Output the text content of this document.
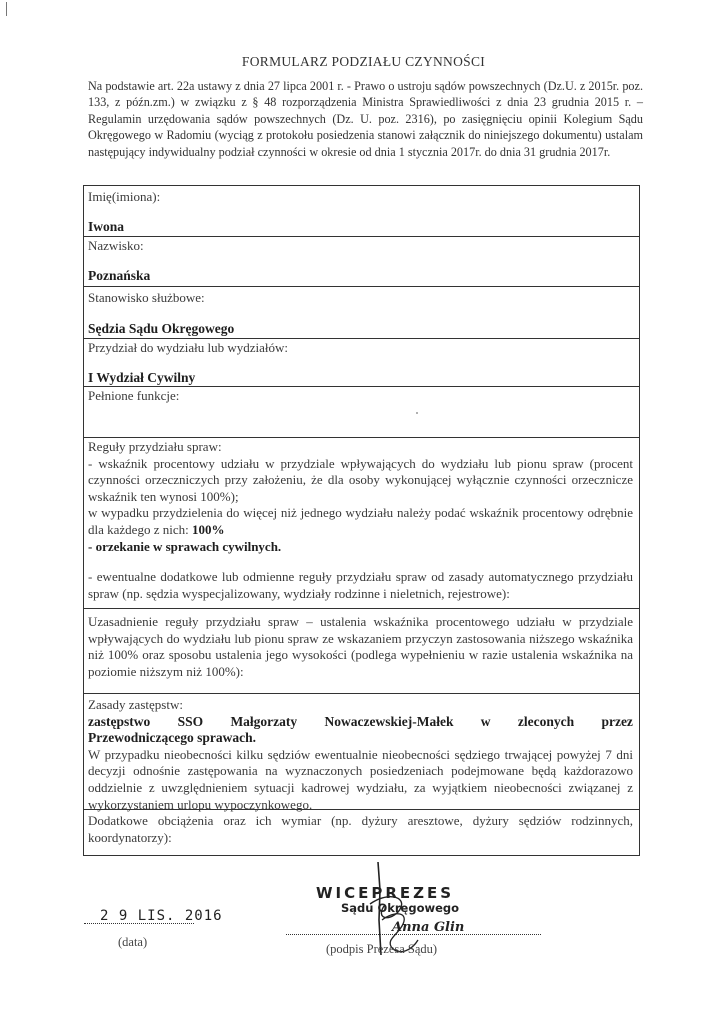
FORMULARZ PODZIAŁU CZYNNOŚCI
Na podstawie art. 22a ustawy z dnia 27 lipca 2001 r. - Prawo o ustroju sądów powszechnych (Dz.U. z 2015r. poz. 133, z późn.zm.) w związku z § 48 rozporządzenia Ministra Sprawiedliwości z dnia 23 grudnia 2015 r. – Regulamin urzędowania sądów powszechnych (Dz. U. poz. 2316), po zasięgnięciu opinii Kolegium Sądu Okręgowego w Radomiu (wyciąg z protokołu posiedzenia stanowi załącznik do niniejszego dokumentu) ustalam następujący indywidualny podział czynności w okresie od dnia 1 stycznia 2017r. do dnia 31 grudnia 2017r.
Imię(imiona):
Iwona
Nazwisko:
Poznańska
Stanowisko służbowe:
Sędzia Sądu Okręgowego
Przydział do wydziału lub wydziałów:
I Wydział Cywilny
Pełnione funkcje:

Reguły przydziału spraw:

- wskaźnik procentowy udziału w przydziale wpływających do wydziału lub pionu spraw (procent czynności orzeczniczych przy założeniu, że dla osoby wykonującej wyłącznie czynności orzecznicze wskaźnik ten wynosi 100%);

w wypadku przydzielenia do więcej niż jednego wydziału należy podać wskaźnik procentowy odrębnie dla każdego z nich: 100%

- orzekanie w sprawach cywilnych.

- ewentualne dodatkowe lub odmienne reguły przydziału spraw od zasady automatycznego przydziału spraw (np. sędzia wyspecjalizowany, wydziały rodzinne i nieletnich, rejestrowe):

Uzasadnienie reguły przydziału spraw – ustalenia wskaźnika procentowego udziału w przydziale wpływających do wydziału lub pionu spraw ze wskazaniem przyczyn zastosowania niższego wskaźnika niż 100% oraz sposobu ustalenia jego wysokości (podlega wypełnieniu w razie ustalenia wskaźnika na poziomie niższym niż 100%):

Zasady zastępstw:

zastępstwo SSO Małgorzaty Nowaczewskiej-Małek w zleconych przez

Przewodniczącego sprawach.

W przypadku nieobecności kilku sędziów ewentualnie nieobecności sędziego trwającej powyżej 7 dni decyzji odnośnie zastępowania na wyznaczonych posiedzeniach podejmowane będą każdorazowo oddzielnie z uwzględnieniem sytuacji kadrowej wydziału, za wyjątkiem nieobecności związanej z wykorzystaniem urlopu wypoczynkowego.

Dodatkowe obciążenia oraz ich wymiar (np. dyżury aresztowe, dyżury sędziów rodzinnych, koordynatorzy):
WICEPREZES
Sądu Okręgowego
2 9 LIS. 2016
(data)
Anna Glin
(podpis Prezesa Sądu)
